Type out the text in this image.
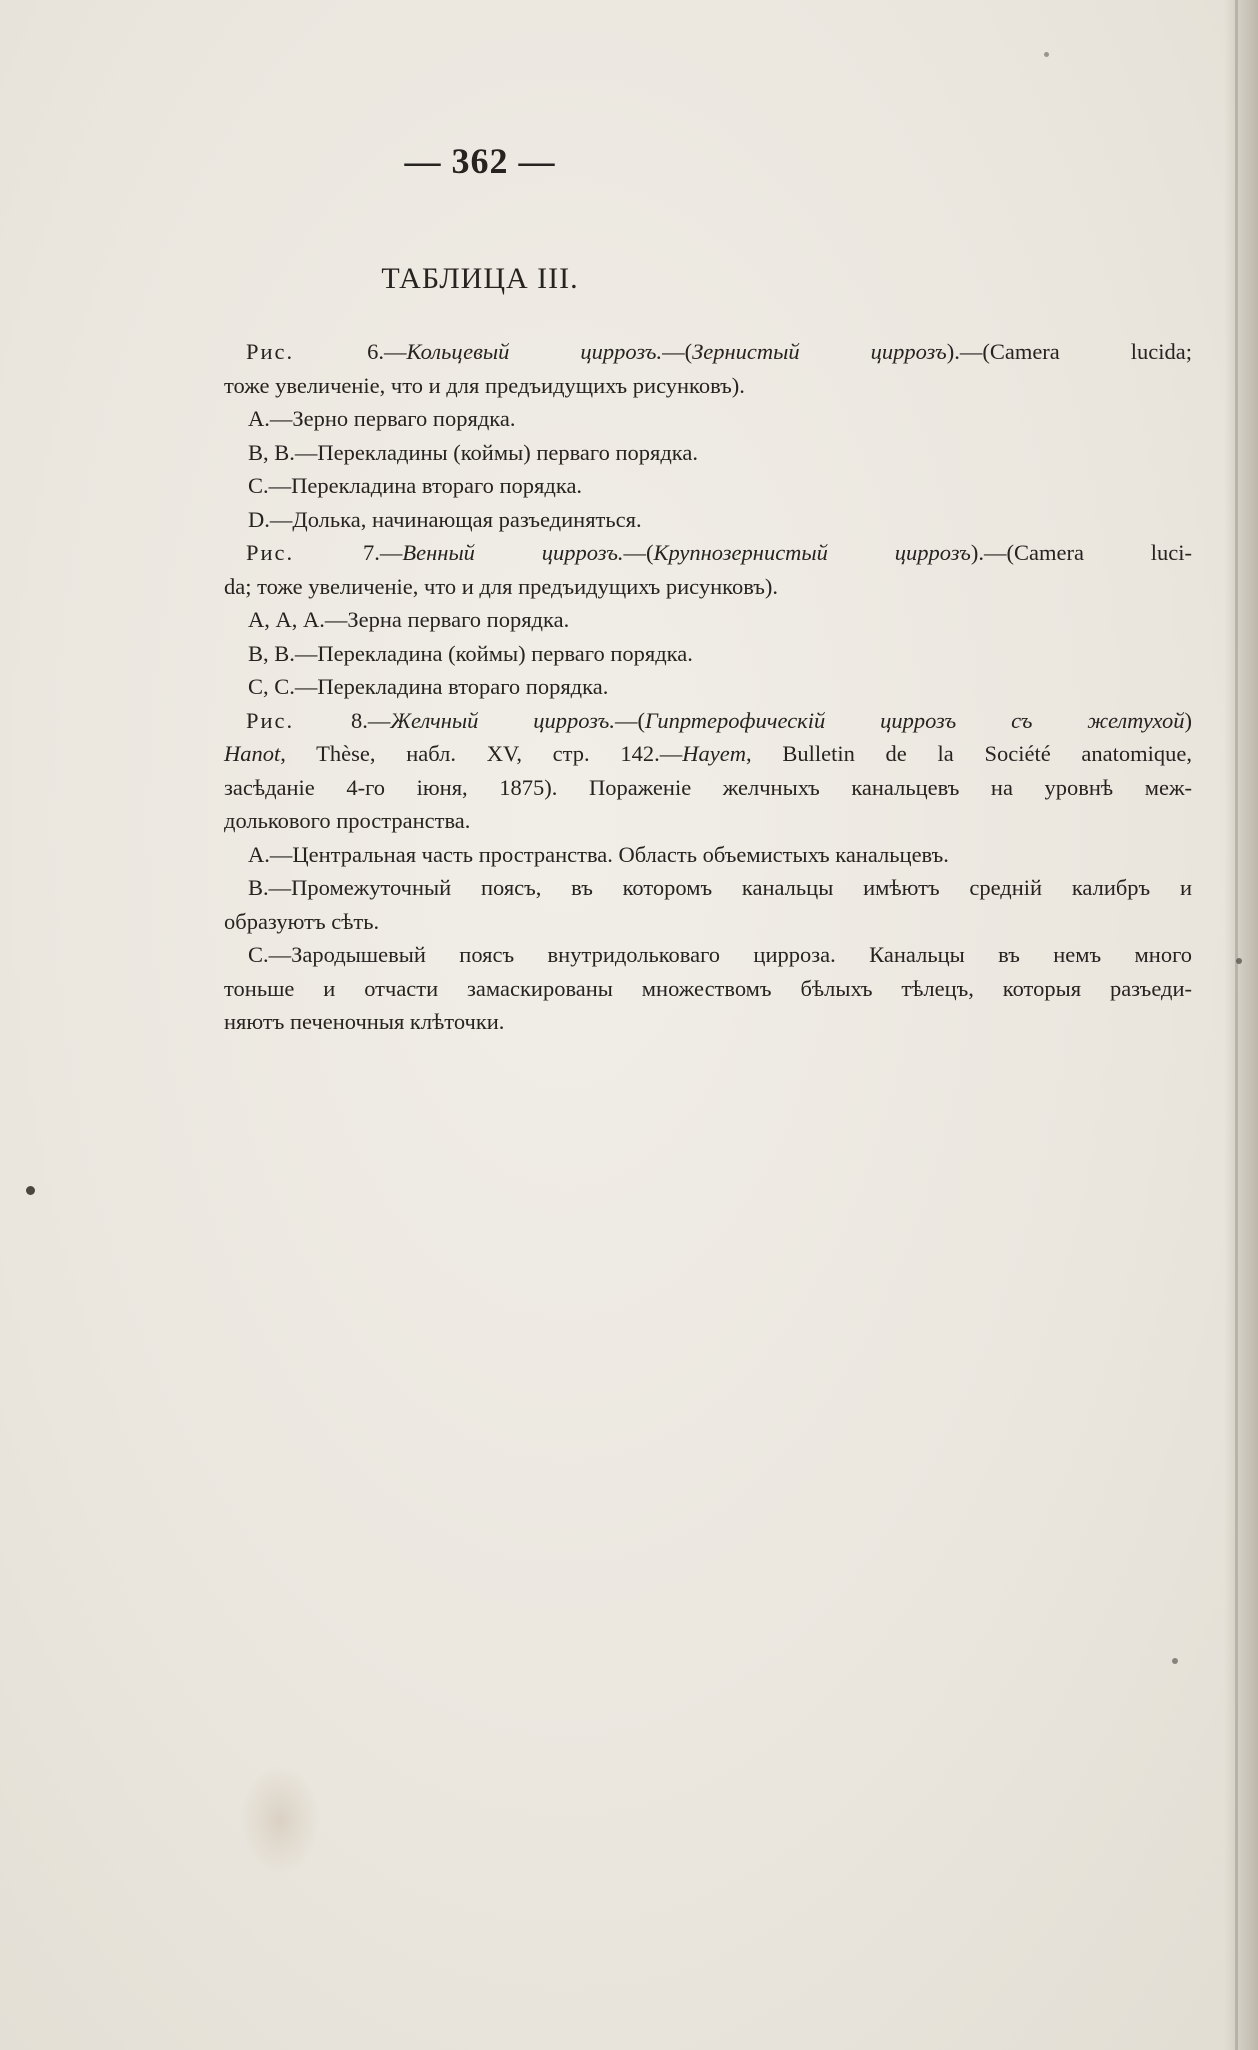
— 362 —
ТАБЛИЦА III.
Рис. 6.—Кольцевый циррозъ.—(Зернистый циррозъ).—(Camera lucida;
тоже увеличеніе, что и для предъидущихъ рисунковъ).
А.—Зерно перваго порядка.
В, В.—Перекладины (коймы) перваго порядка.
С.—Перекладина втораго порядка.
D.—Долька, начинающая разъединяться.
Рис. 7.—Венный циррозъ.—(Крупнозернистый циррозъ).—(Camera luci-
da; тоже увеличеніе, что и для предъидущихъ рисунковъ).
А, А, А.—Зерна перваго порядка.
В, В.—Перекладина (коймы) перваго порядка.
С, С.—Перекладина втораго порядка.
Рис. 8.—Желчный циррозъ.—(Гипртерофическій циррозъ съ желтухой)
Hanot, Thèse, набл. XV, стр. 142.—Hayem, Bulletin de la Société anatomique,
засѣданіе 4-го іюня, 1875). Пораженіе желчныхъ канальцевъ на уровнѣ меж-
долькового пространства.
А.—Центральная часть пространства. Область объемистыхъ канальцевъ.
В.—Промежуточный поясъ, въ которомъ канальцы имѣютъ средній калибръ и
образуютъ сѣть.
С.—Зародышевый поясъ внутридольковаго цирроза. Канальцы въ немъ много
тоньше и отчасти замаскированы множествомъ бѣлыхъ тѣлецъ, которыя разъеди-
няютъ печеночныя клѣточки.
